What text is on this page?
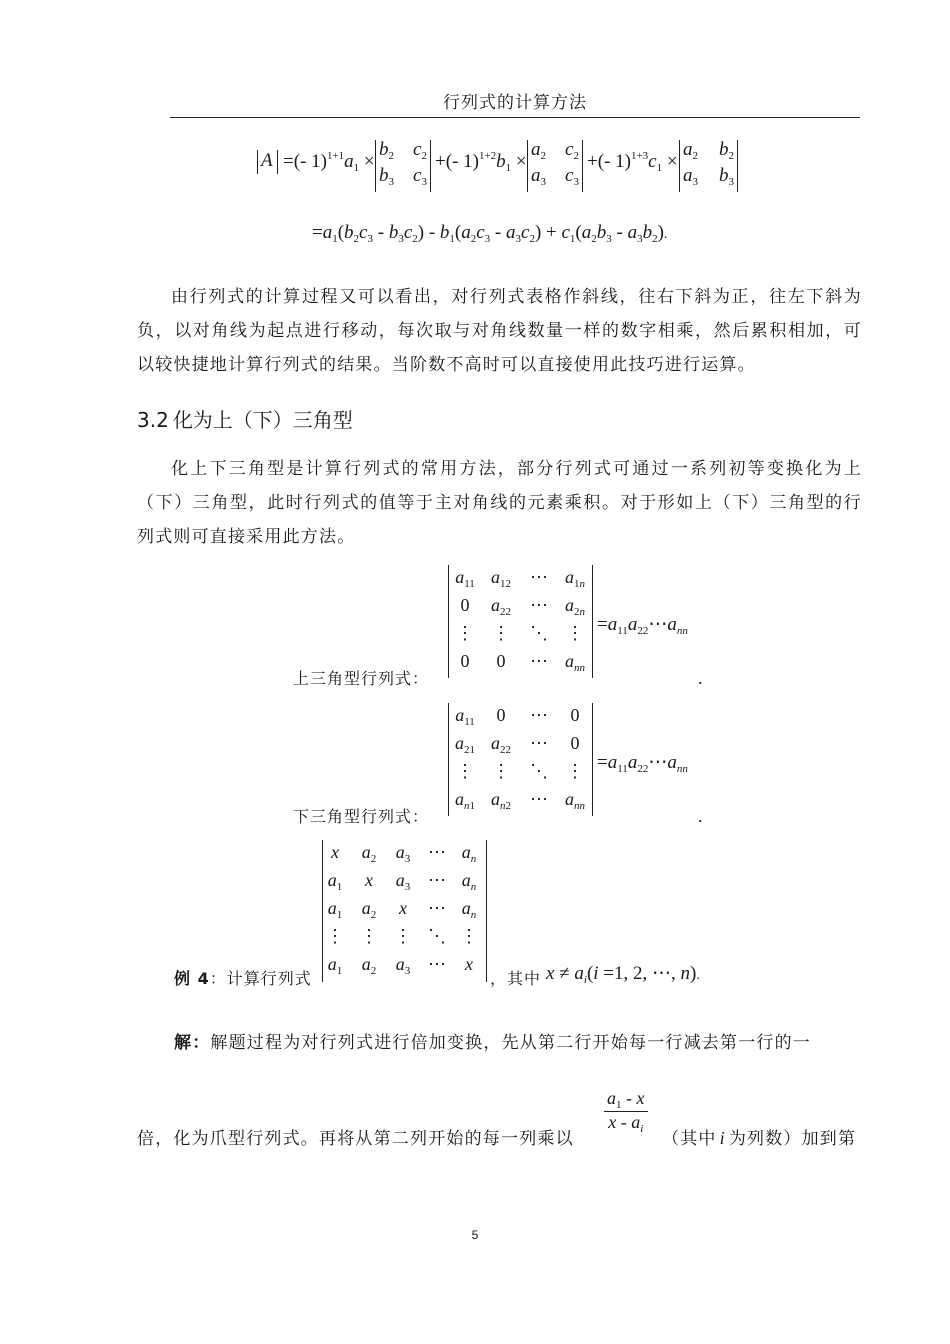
行列式的计算方法
A =(- $1)^{1+1}a_1$ ×
$b_2$ $c_2$
$b_3$ $c_3$
+(- $1)^{1+2}b_1$ ×
$a_2$ $c_2$
$a_3$ $c_3$
+(- $1)^{1+3}c_1$ ×
$a_2$ $b_2$
$a_3$ $b_3$
$=a_1(b_2c_3 - b_3c_2) - b_1(a_2c_3 - a_3c_2) + c_1(a_2b_3 - a_3b_2)$.

由行列式的计算过程又可以看出，对行列式表格作斜线，往右下斜为正，往左下斜为负，以对角线为起点进行移动，每次取与对角线数量一样的数字相乘，然后累积相加，可以较快捷地计算行列式的结果。当阶数不高时可以直接使用此技巧进行运算。

3.2 化为上（下）三角型

化上下三角型是计算行列式的常用方法，部分行列式可通过一系列初等变换化为上（下）三角型，此时行列式的值等于主对角线的元素乘积。对于形如上（下）三角型的行列式则可直接采用此方法。

上三角型行列式：
$a_{11}$ $a_{12}$	⋯ $a_{1n}$
0	$a_{22}$	⋯ $a_{2n}$
⋮	⋮	⋱	⋮
0	0	⋯ $a_{nn}$
$=a_{11}a_{22}\cdots a_{nn}$
.
下三角型行列式：
$a_{11}$	0	⋯	0
$a_{21}$ $a_{22}$	⋯	0
⋮	⋮	⋱	⋮
$a_{n1}$ $a_{n2}$	⋯ $a_{nn}$
$=a_{11}a_{22}\cdots a_{nn}$
.
例 4：计算行列式
x	$a_2$	$a_3$ ⋯ $a_n$
$a_1$	x	$a_3$ ⋯ $a_n$
$a_1$	$a_2$	x	⋯ $a_n$
⋮ ⋮ ⋮ ⋱ ⋮
$a_1$	$a_2$	$a_3$ ⋯	x
，其中 $x \ne a_i(i =1$, 2, ⋯, n).
解：解题过程为对行列式进行倍加变换，先从第二行开始每一行减去第一行的一
倍，化为爪型行列式。再将从第二列开始的每一列乘以
$\frac{a_1 - x}{x - a_i}$
（其中 i 为列数）加到第
5
